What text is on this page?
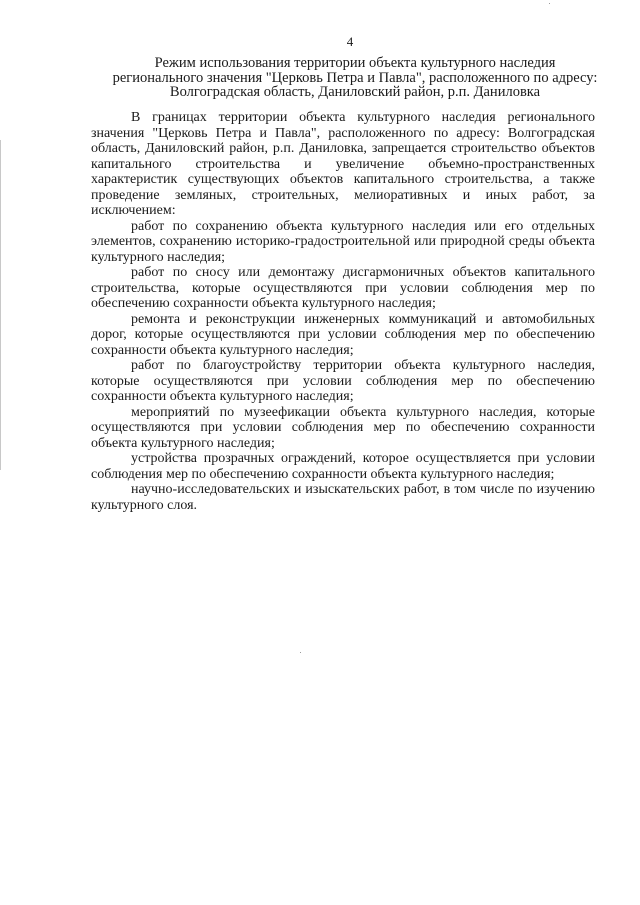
4
Режим использования территории объекта культурного наследия
регионального значения "Церковь Петра и Павла", расположенного по адресу:
Волгоградская область, Даниловский район, р.п. Даниловка

В границах территории объекта культурного наследия регионального значения "Церковь Петра и Павла", расположенного по адресу: Волгоградская область, Даниловский район, р.п. Даниловка, запрещается строительство объектов капитального строительства и увеличение объемно-пространственных характеристик существующих объектов капитального строительства, а также проведение земляных, строительных, мелиоративных и иных работ, за исключением:

работ по сохранению объекта культурного наследия или его отдельных элементов, сохранению историко-градостроительной или природной среды объекта культурного наследия;

работ по сносу или демонтажу дисгармоничных объектов капитального строительства, которые осуществляются при условии соблюдения мер по обеспечению сохранности объекта культурного наследия;

ремонта и реконструкции инженерных коммуникаций и автомобильных дорог, которые осуществляются при условии соблюдения мер по обеспечению сохранности объекта культурного наследия;

работ по благоустройству территории объекта культурного наследия, которые осуществляются при условии соблюдения мер по обеспечению сохранности объекта культурного наследия;

мероприятий по музеефикации объекта культурного наследия, которые осуществляются при условии соблюдения мер по обеспечению сохранности объекта культурного наследия;

устройства прозрачных ограждений, которое осуществляется при условии соблюдения мер по обеспечению сохранности объекта культурного наследия;

научно-исследовательских и изыскательских работ, в том числе по изучению культурного слоя.
